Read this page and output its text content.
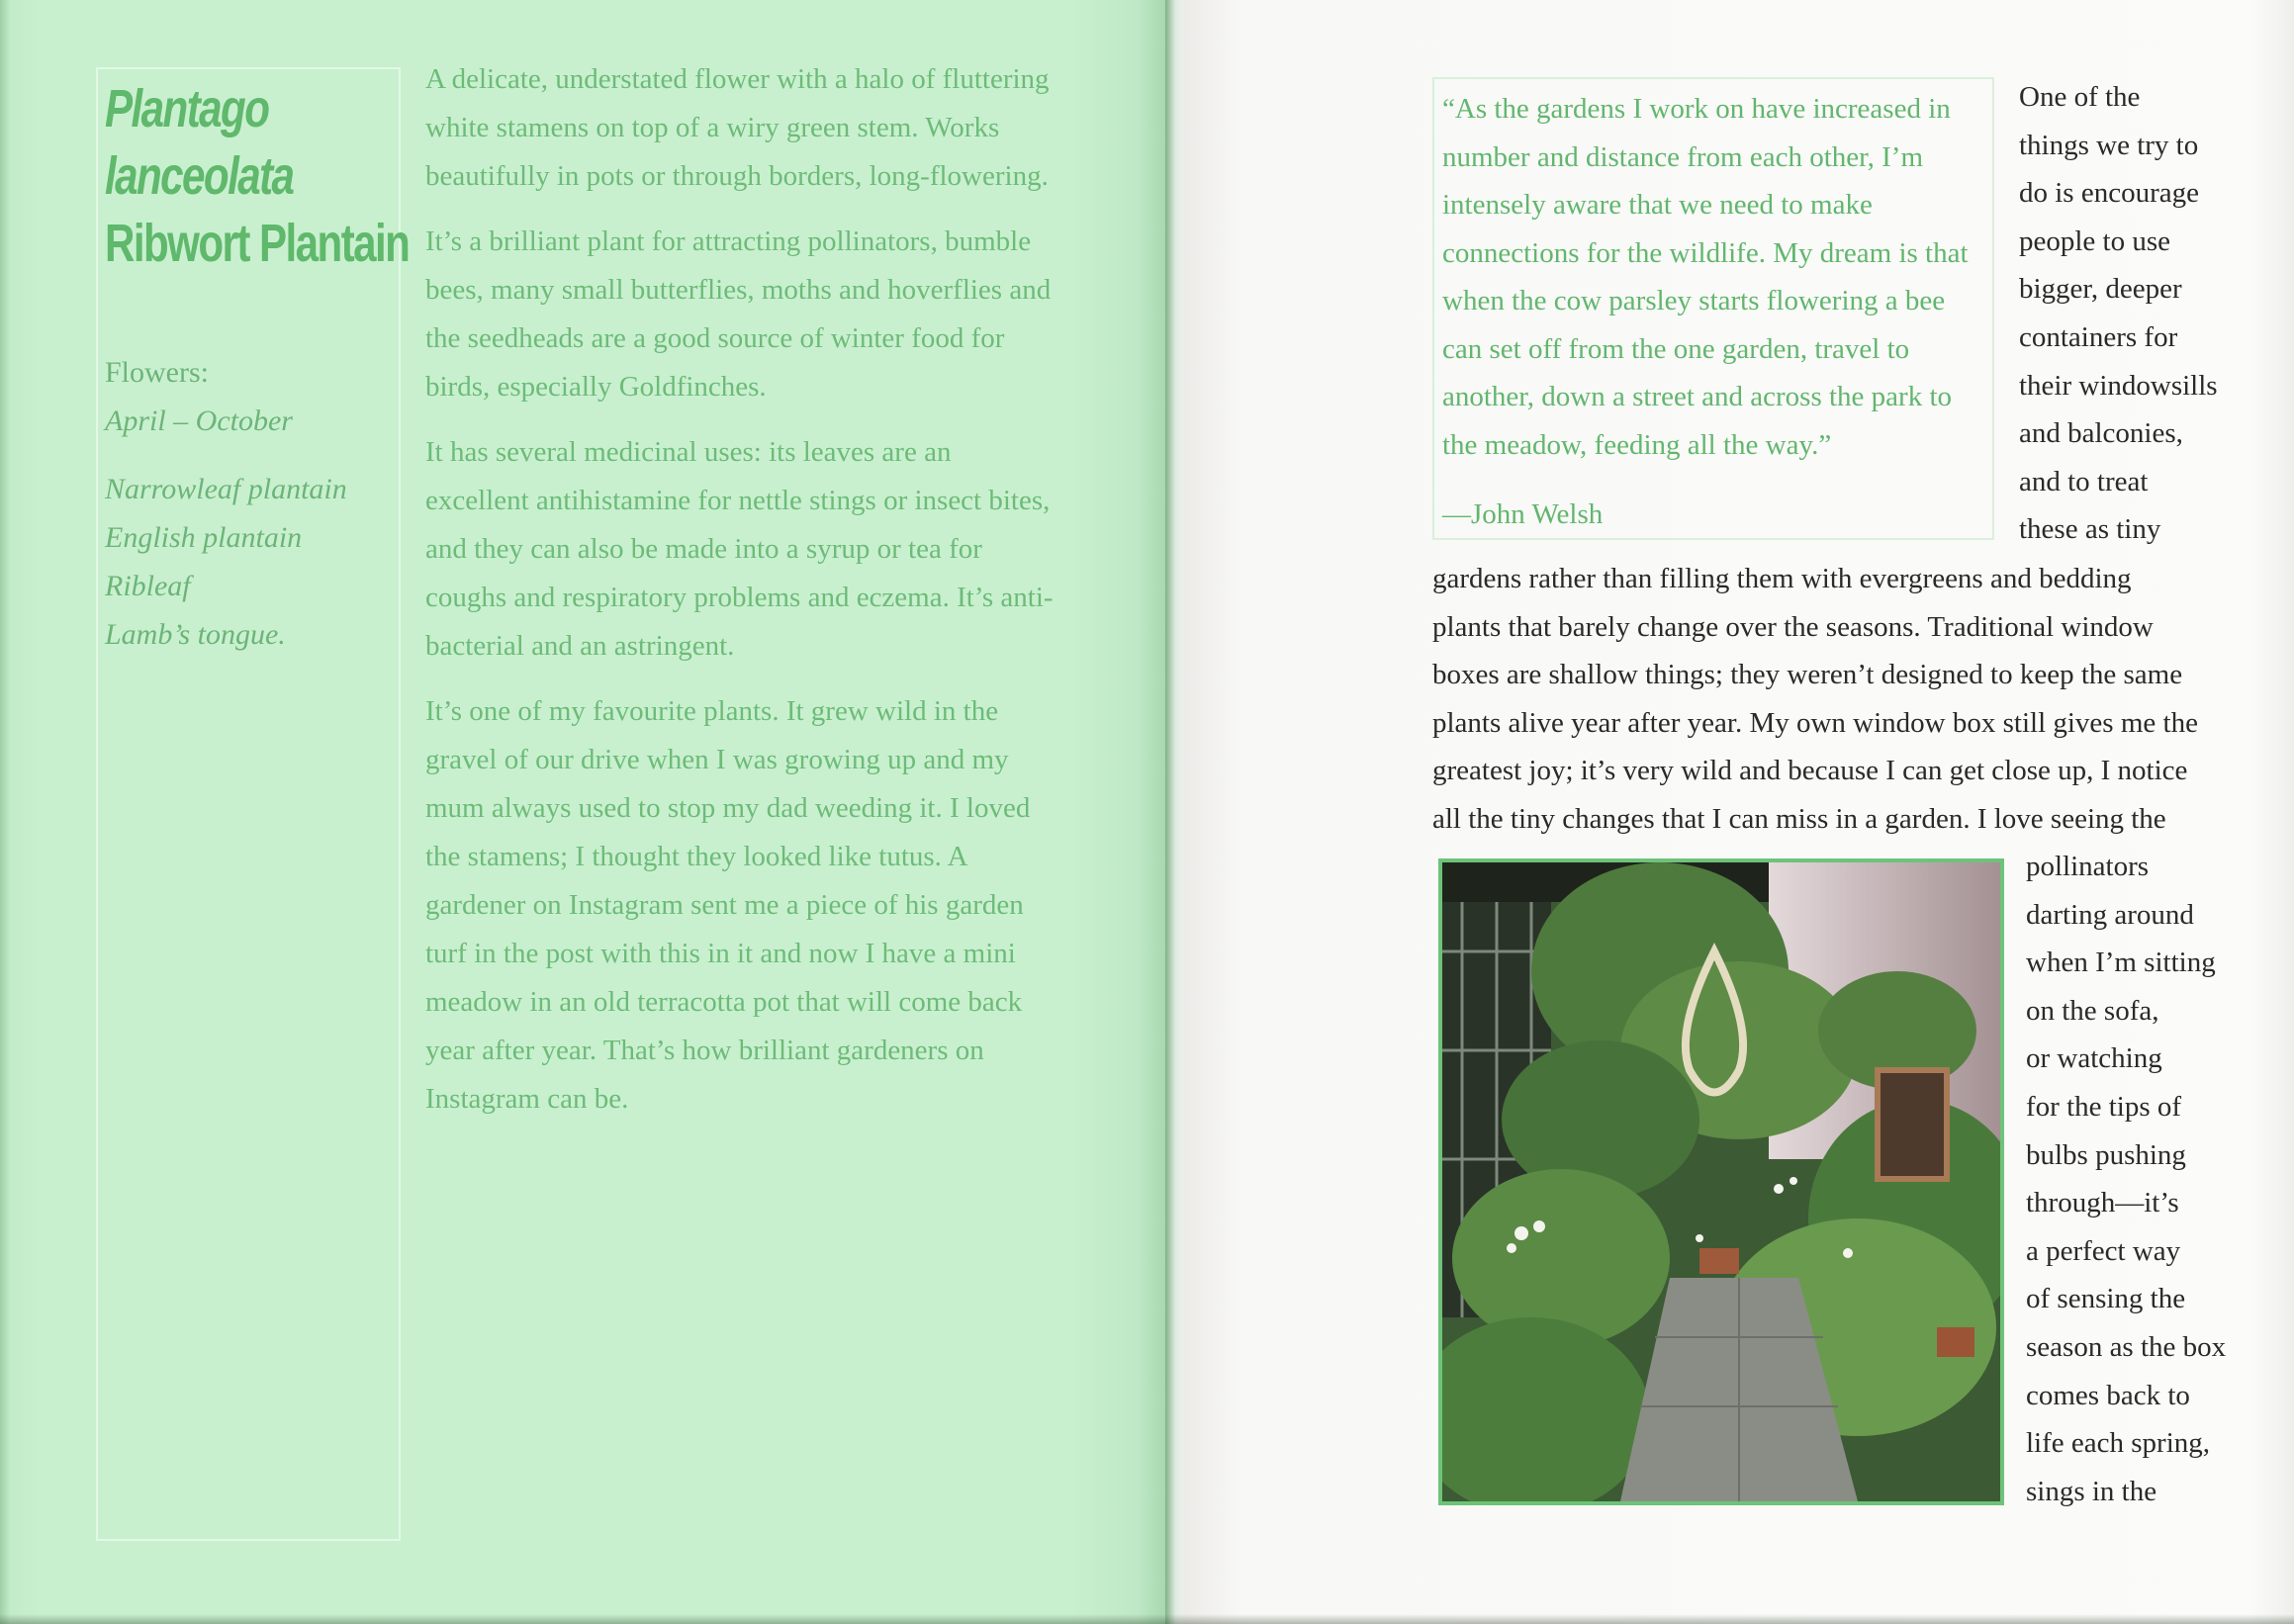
Plantago
lanceolata
Ribwort Plantain
Flowers:
April – October
Narrowleaf plantain
English plantain
Ribleaf
Lamb’s tongue.

A delicate, understated flower with a halo of fluttering white stamens on top of a wiry green stem. Works beautifully in pots or through borders, long-flowering.

It’s a brilliant plant for attracting pollinators, bumble bees, many small butterflies, moths and hoverflies and the seedheads are a good source of winter food for birds, especially Goldfinches.

It has several medicinal uses: its leaves are an excellent antihistamine for nettle stings or insect bites, and they can also be made into a syrup or tea for coughs and respiratory problems and eczema. It’s anti-bacterial and an astringent.

It’s one of my favourite plants. It grew wild in the gravel of our drive when I was growing up and my mum always used to stop my dad weeding it. I loved the stamens; I thought they looked like tutus. A gardener on Instagram sent me a piece of his garden turf in the post with this in it and now I have a mini meadow in an old terracotta pot that will come back year after year. That’s how brilliant gardeners on Instagram can be.

“As the gardens I work on have increased in number and distance from each other, I’m intensely aware that we need to make connections for the wildlife. My dream is that when the cow parsley starts flowering a bee can set off from the one garden, travel to another, down a street and across the park to the meadow, feeding all the way.”

—John Welsh
One of the
things we try to
do is encourage
people to use
bigger, deeper
containers for
their windowsills
and balconies,
and to treat
these as tiny
gardens rather than filling them with evergreens and bedding
plants that barely change over the seasons. Traditional window
boxes are shallow things; they weren’t designed to keep the same
plants alive year after year. My own window box still gives me the
greatest joy; it’s very wild and because I can get close up, I notice
all the tiny changes that I can miss in a garden. I love seeing the
pollinators
darting around
when I’m sitting
on the sofa,
or watching
for the tips of
bulbs pushing
through—it’s
a perfect way
of sensing the
season as the box
comes back to
life each spring,
sings in the
